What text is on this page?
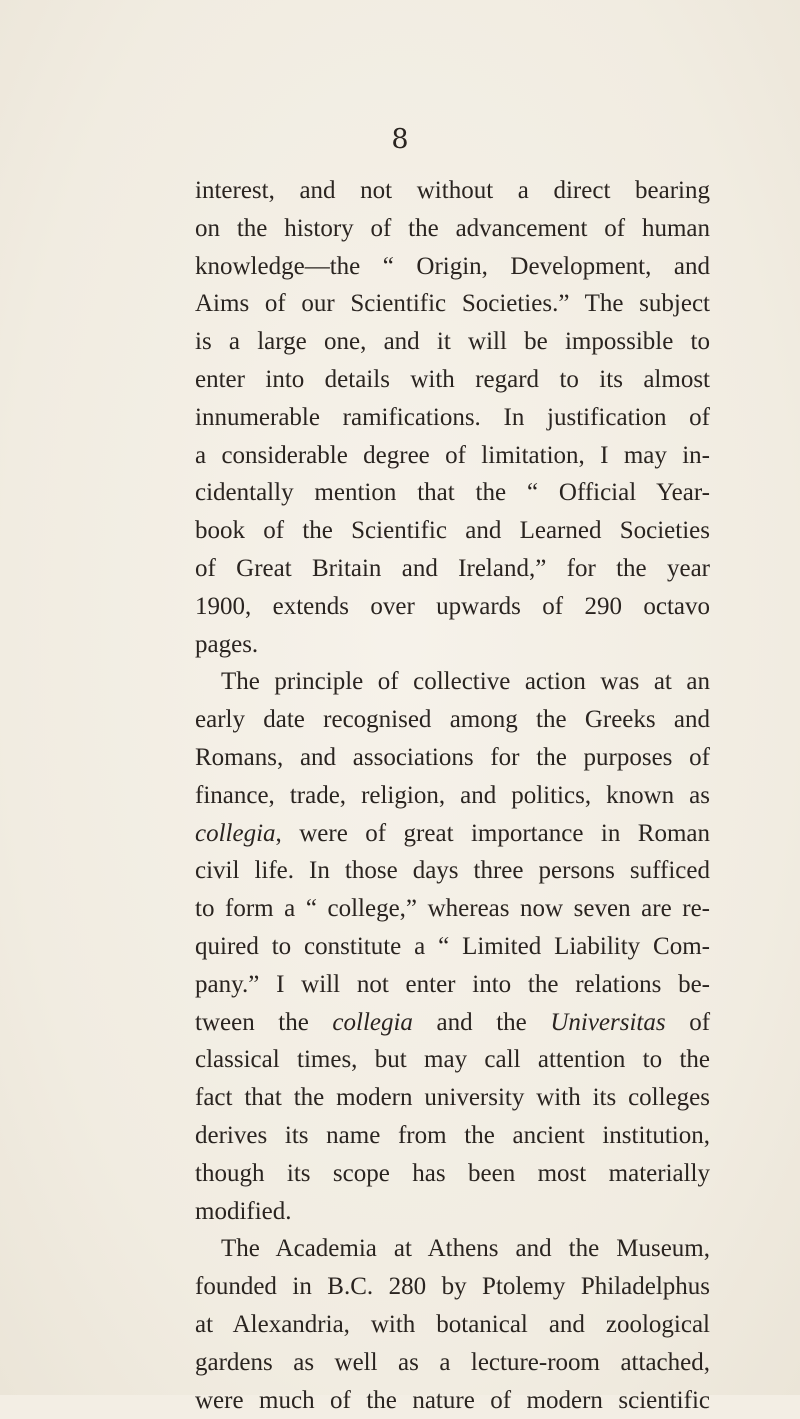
8
interest, and not without a direct bearing
on the history of the advancement of human
knowledge—the “ Origin, Development, and
Aims of our Scientific Societies.” The subject
is a large one, and it will be impossible to
enter into details with regard to its almost
innumerable ramifications. In justification of
a considerable degree of limitation, I may in-
cidentally mention that the “ Official Year-
book of the Scientific and Learned Societies
of Great Britain and Ireland,” for the year
1900, extends over upwards of 290 octavo
pages.
The principle of collective action was at an
early date recognised among the Greeks and
Romans, and associations for the purposes of
finance, trade, religion, and politics, known as
collegia, were of great importance in Roman
civil life. In those days three persons sufficed
to form a “ college,” whereas now seven are re-
quired to constitute a “ Limited Liability Com-
pany.” I will not enter into the relations be-
tween the collegia and the Universitas of
classical times, but may call attention to the
fact that the modern university with its colleges
derives its name from the ancient institution,
though its scope has been most materially
modified.
The Academia at Athens and the Museum,
founded in B.C. 280 by Ptolemy Philadelphus
at Alexandria, with botanical and zoological
gardens as well as a lecture-room attached,
were much of the nature of modern scientific
